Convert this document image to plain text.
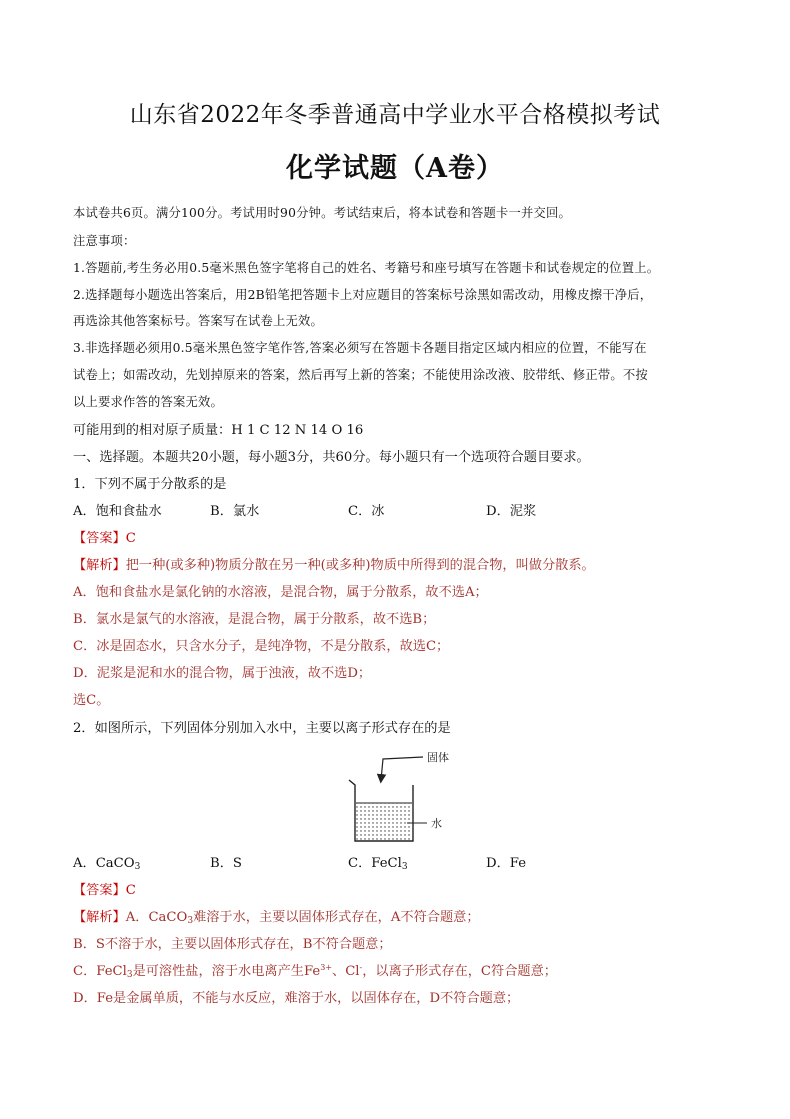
山东省2022年冬季普通高中学业水平合格模拟考试
化学试题（A卷）
本试卷共6页。满分100分。考试用时90分钟。考试结束后，将本试卷和答题卡一并交回。
注意事项：
1.答题前,考生务必用0.5毫米黑色签字笔将自己的姓名、考籍号和座号填写在答题卡和试卷规定的位置上。
2.选择题每小题选出答案后，用2B铅笔把答题卡上对应题目的答案标号涂黑如需改动，用橡皮擦干净后，
再选涂其他答案标号。答案写在试卷上无效。
3.非选择题必须用0.5毫米黑色签字笔作答,答案必须写在答题卡各题目指定区域内相应的位置，不能写在
试卷上；如需改动，先划掉原来的答案，然后再写上新的答案；不能使用涂改液、胶带纸、修正带。不按
以上要求作答的答案无效。
可能用到的相对原子质量：H 1 C 12 N 14 O 16
一、选择题。本题共20小题，每小题3分，共60分。每小题只有一个选项符合题目要求。
1．下列不属于分散系的是
A．饱和食盐水	B．氯水	C．冰	D．泥浆
【答案】C
【解析】把一种(或多种)物质分散在另一种(或多种)物质中所得到的混合物，叫做分散系。
A．饱和食盐水是氯化钠的水溶液，是混合物，属于分散系，故不选A；
B．氯水是氯气的水溶液，是混合物，属于分散系，故不选B；
C．冰是固态水，只含水分子，是纯净物，不是分散系，故选C；
D．泥浆是泥和水的混合物，属于浊液，故不选D；
选C。
2．如图所示，下列固体分别加入水中，主要以离子形式存在的是
固体
水
A．CaCO$_3$	B．S	C．FeCl$_3$	D．Fe
【答案】C
【解析】A．CaCO$_3$难溶于水，主要以固体形式存在，A不符合题意；
B．S不溶于水，主要以固体形式存在，B不符合题意；
C．FeCl$_3$是可溶性盐，溶于水电离产生$Fe^{3+}$、Cl-，以离子形式存在，C符合题意；
D．Fe是金属单质，不能与水反应，难溶于水，以固体存在，D不符合题意；
